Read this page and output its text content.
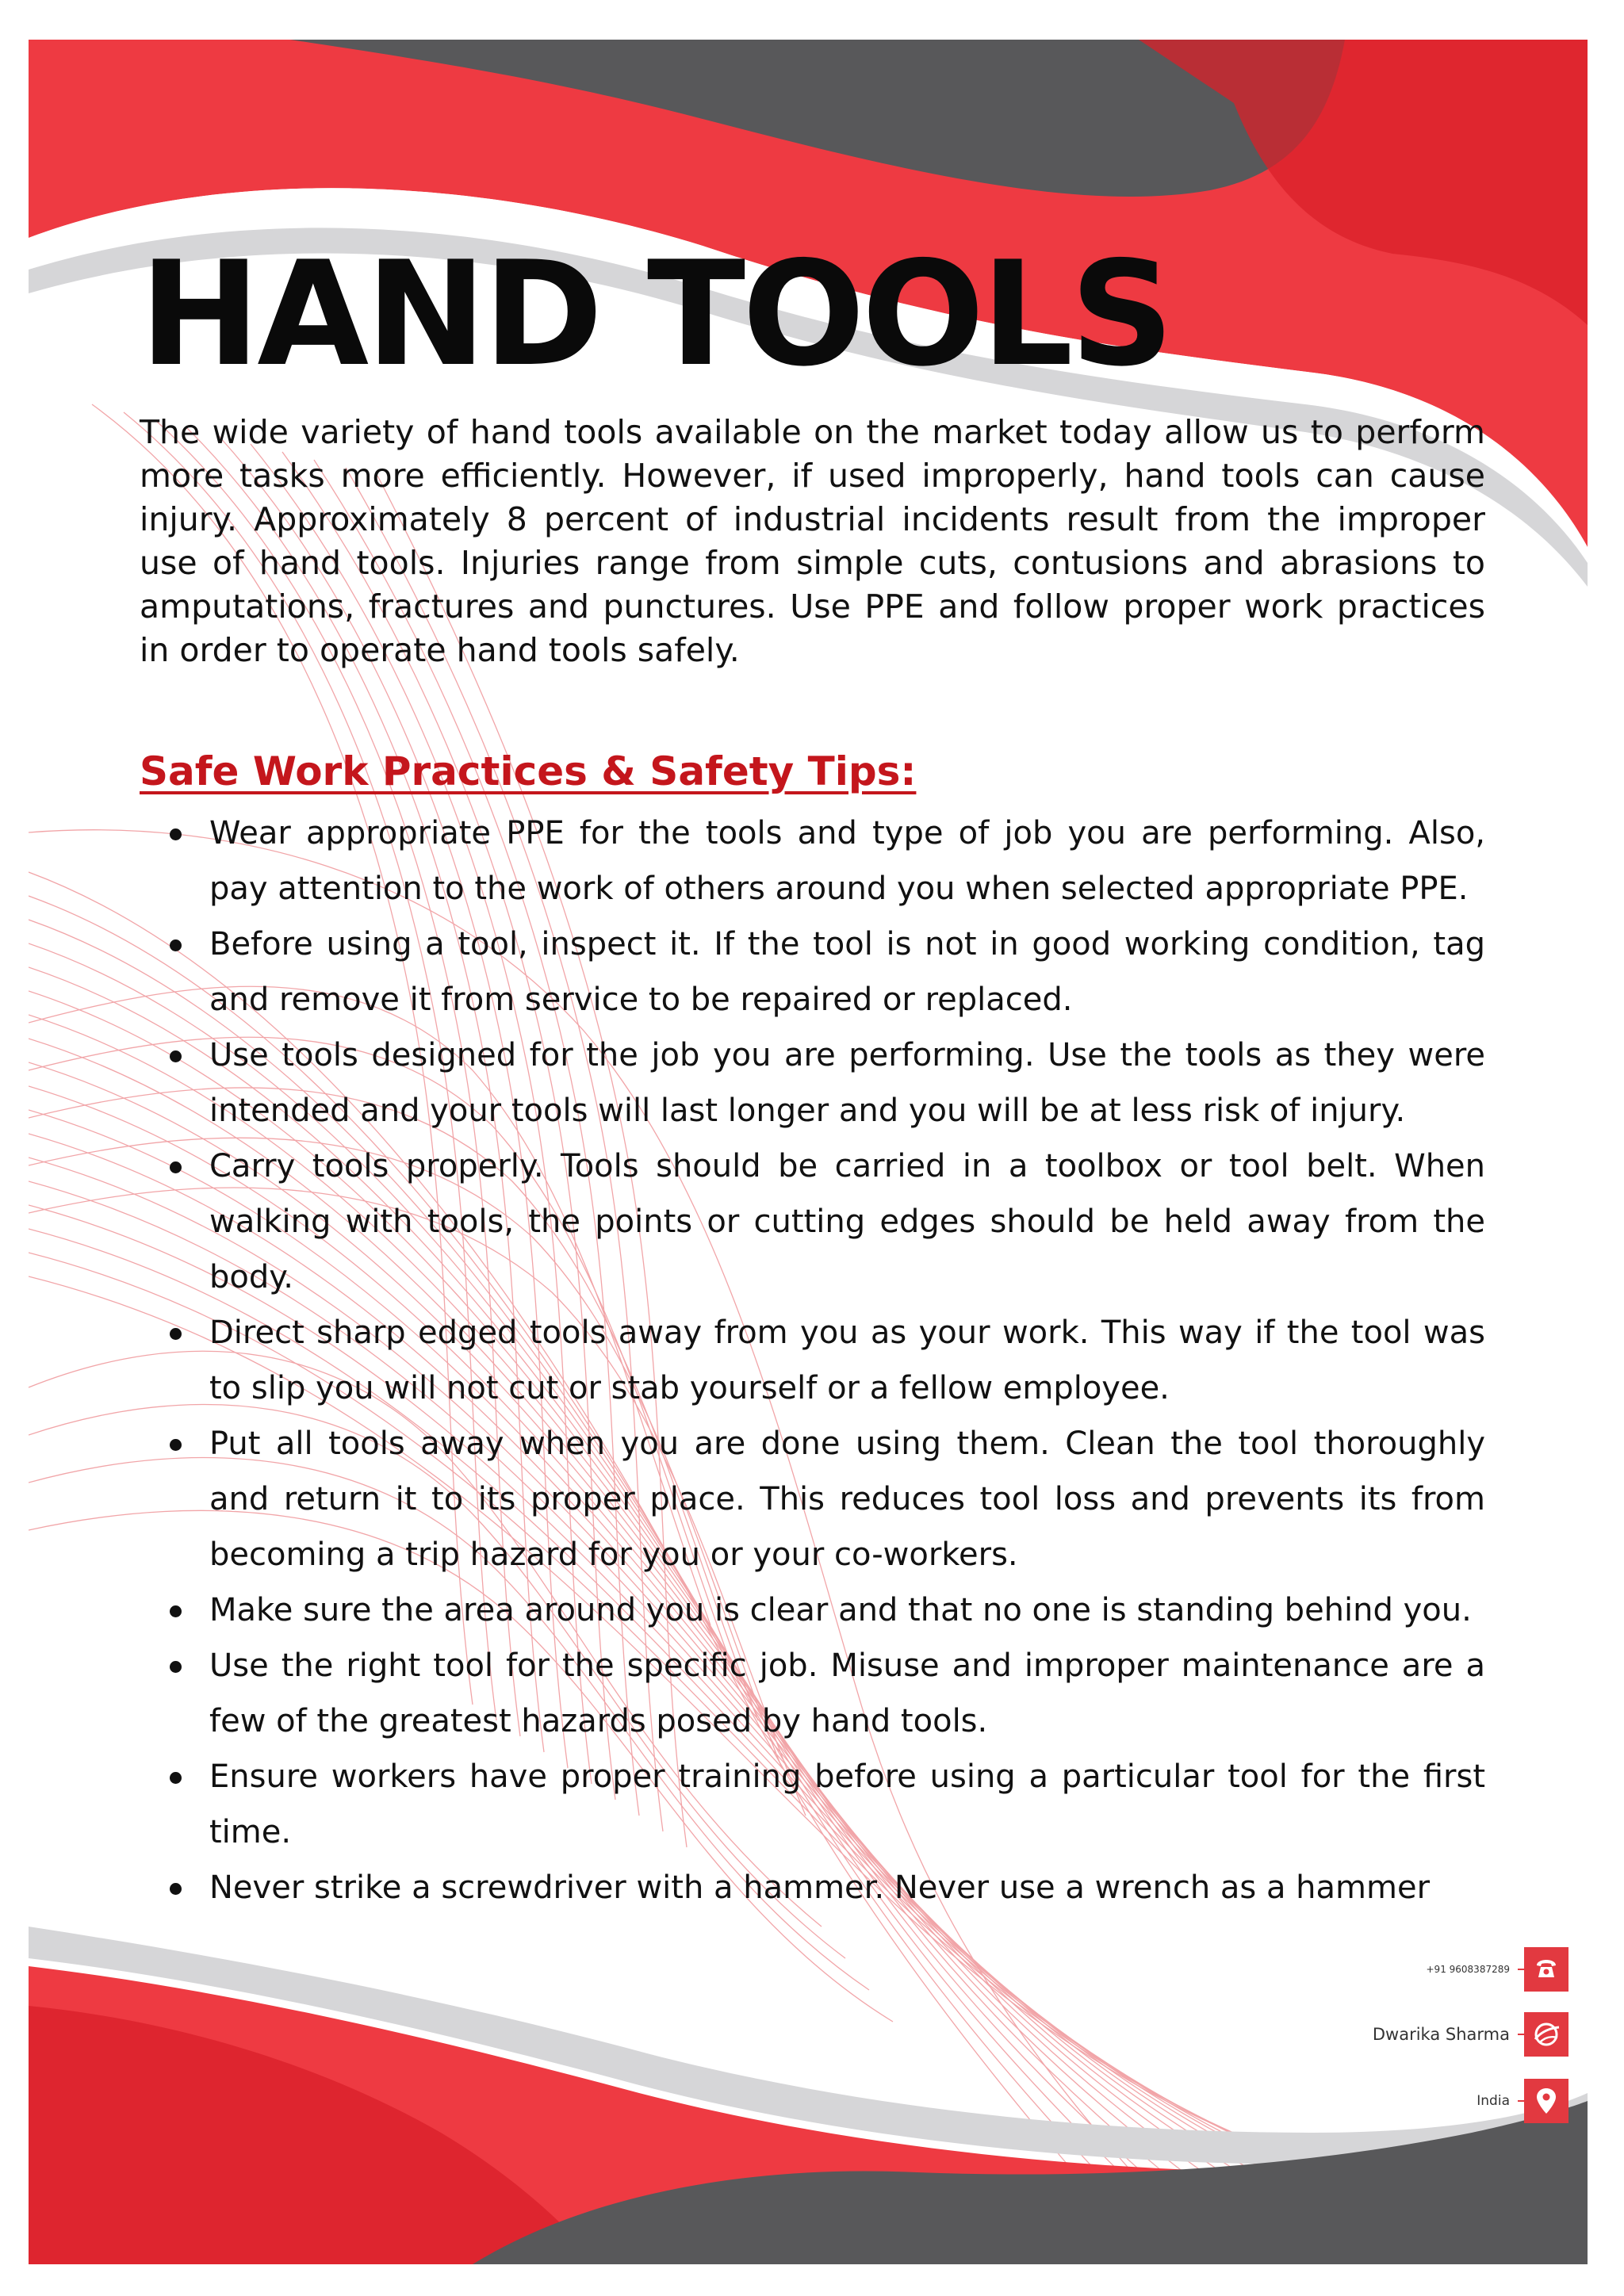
HAND TOOLS

The wide variety of hand tools available on the market today allow us to perform more tasks more efficiently. However, if used improperly, hand tools can cause injury. Approximately 8 percent of industrial incidents result from the improper use of hand tools. Injuries range from simple cuts, contusions and abrasions to amputations, fractures and punctures. Use PPE and follow proper work practices in order to operate hand tools safely.

Safe Work Practices & Safety Tips:
Wear appropriate PPE for the tools and type of job you are performing. Also, pay attention to the work of others around you when selected appropriate PPE.
Before using a tool, inspect it. If the tool is not in good working condition, tag and remove it from service to be repaired or replaced.
Use tools designed for the job you are performing. Use the tools as they were intended and your tools will last longer and you will be at less risk of injury.
Carry tools properly. Tools should be carried in a toolbox or tool belt. When walking with tools, the points or cutting edges should be held away from the body.
Direct sharp edged tools away from you as your work. This way if the tool was to slip you will not cut or stab yourself or a fellow employee.
Put all tools away when you are done using them. Clean the tool thoroughly and return it to its proper place. This reduces tool loss and prevents its from becoming a trip hazard for you or your co-workers.
Make sure the area around you is clear and that no one is standing behind you.
Use the right tool for the specific job. Misuse and improper maintenance are a few of the greatest hazards posed by hand tools.
Ensure workers have proper training before using a particular tool for the first time.
Never strike a screwdriver with a hammer. Never use a wrench as a hammer
+91 9608387289
Dwarika Sharma
India
